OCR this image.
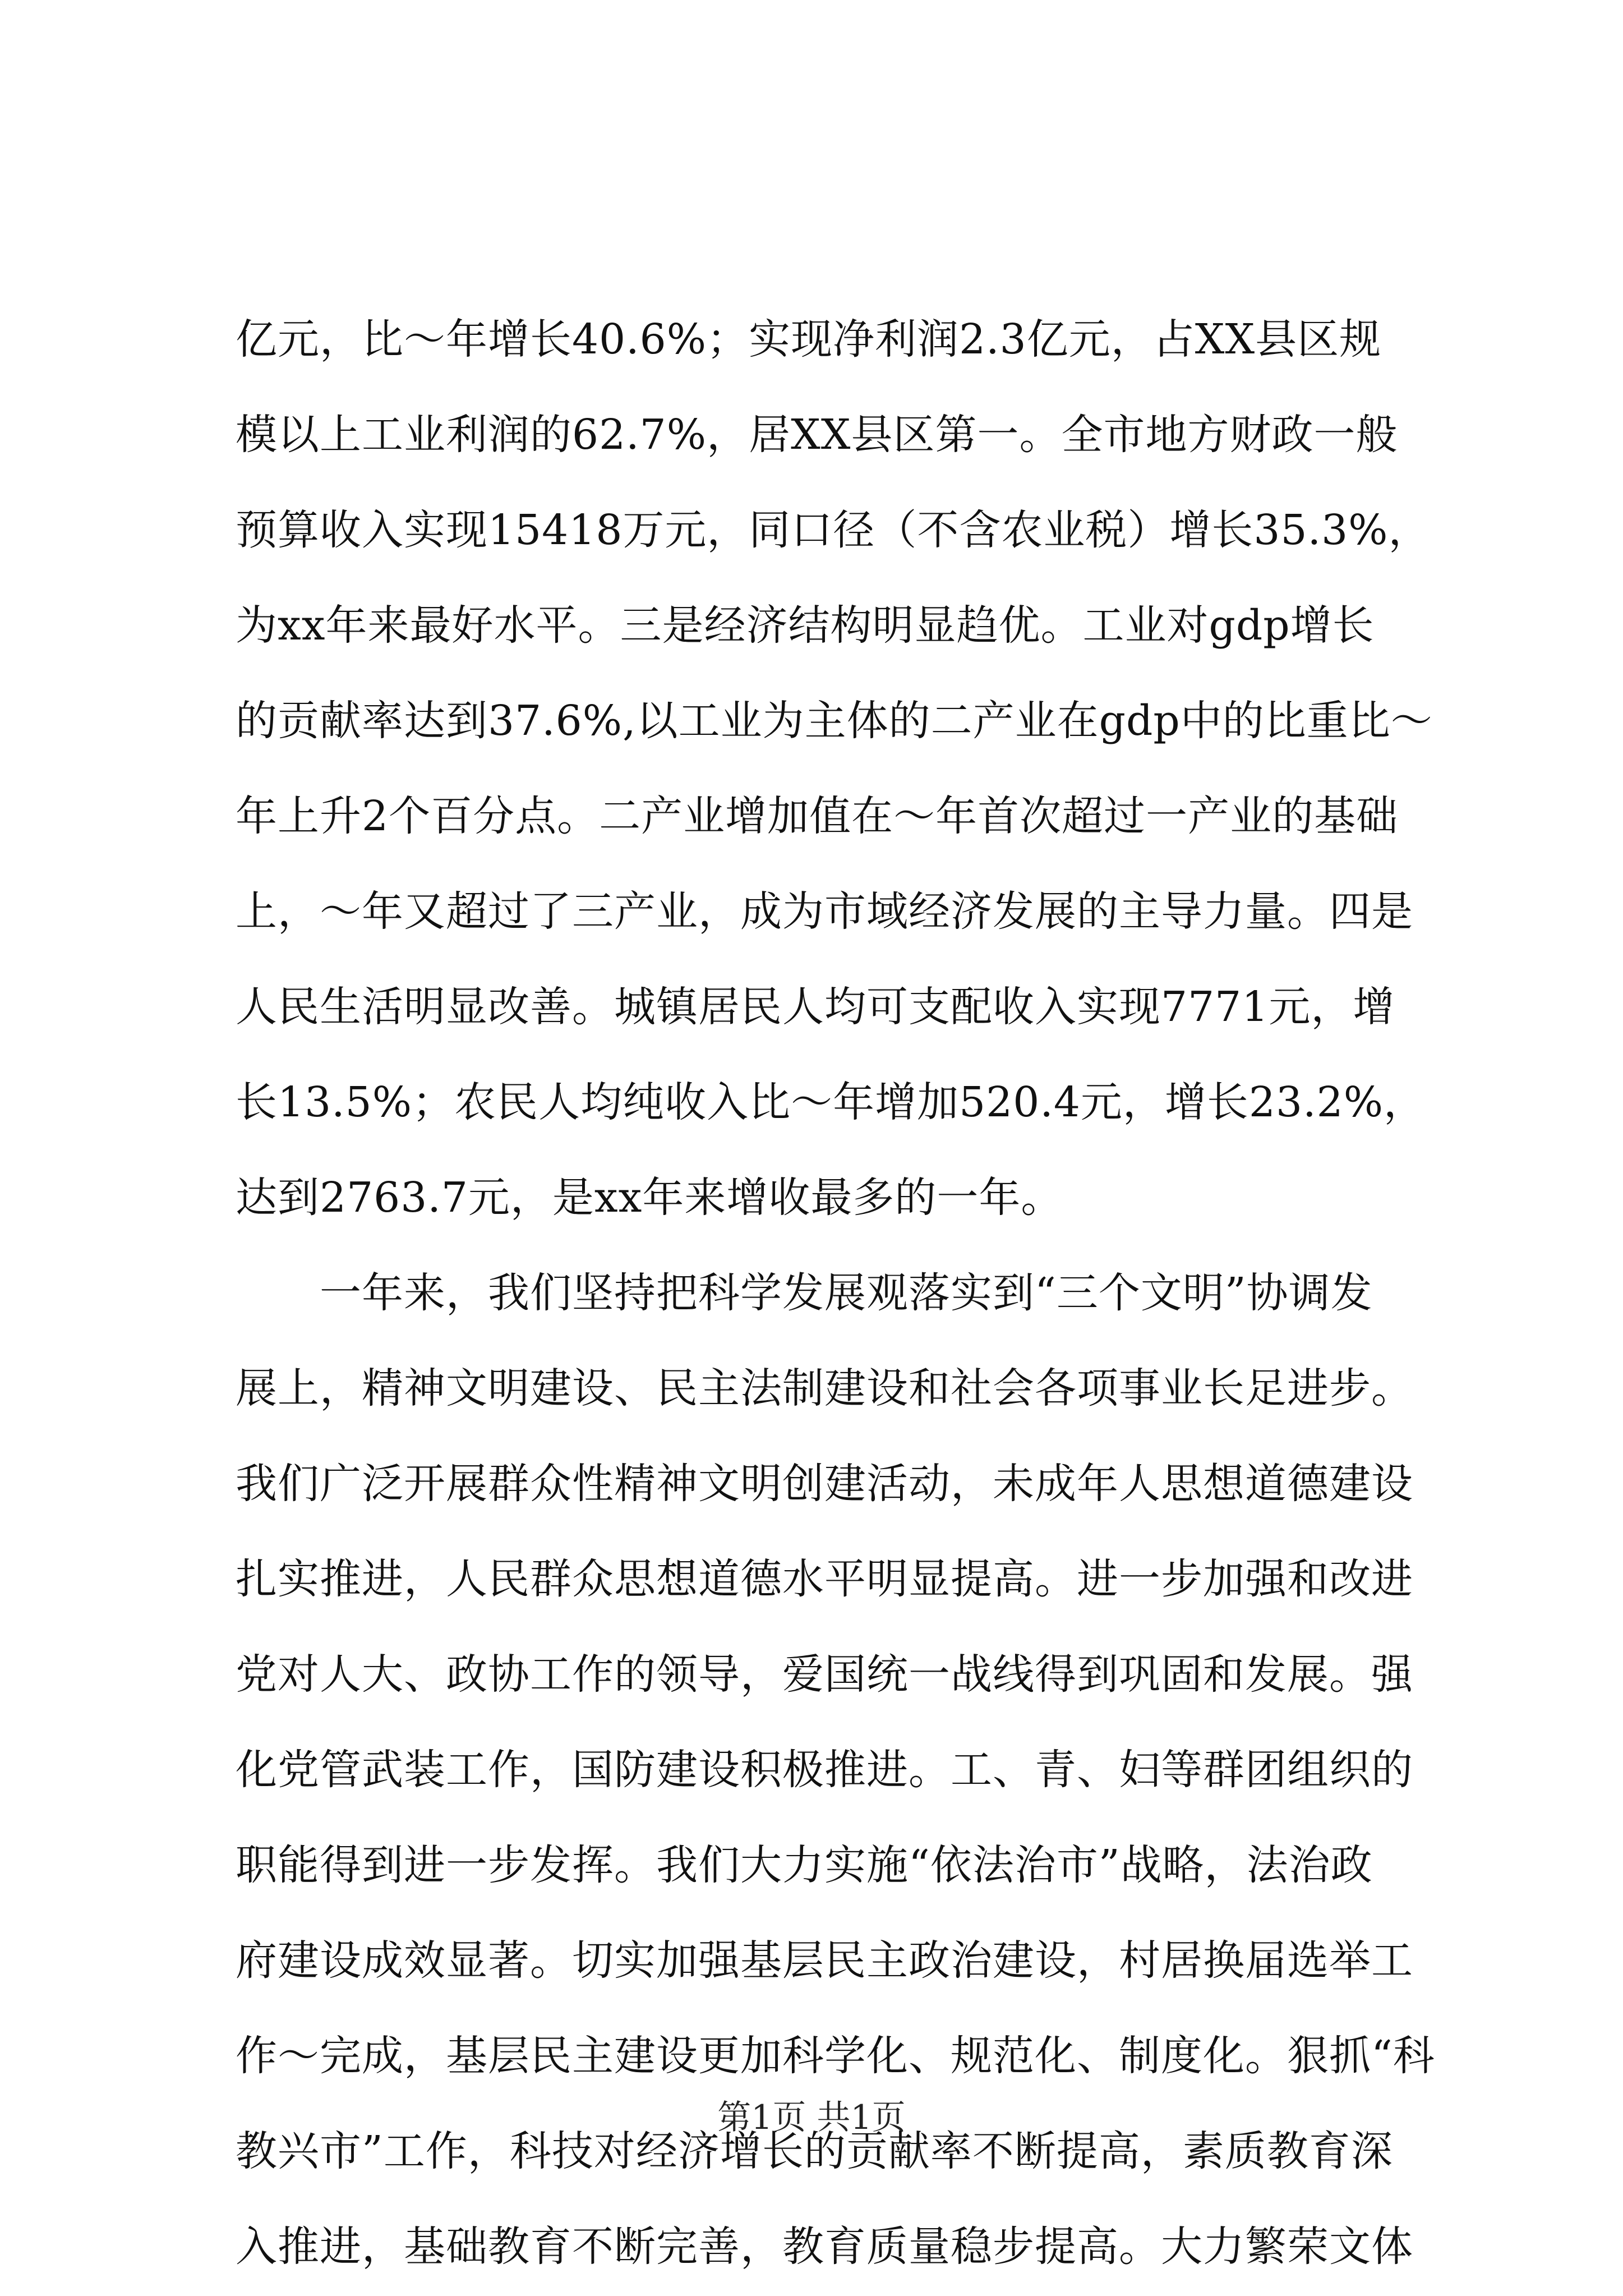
亿元，比～年增长40.6%；实现净利润2.3亿元，占XX县区规
模以上工业利润的62.7%，居XX县区第一。全市地方财政一般
预算收入实现15418万元，同口径（不含农业税）增长35.3%，
为xx年来最好水平。三是经济结构明显趋优。工业对gdp增长
的贡献率达到37.6%,以工业为主体的二产业在gdp中的比重比～
年上升2个百分点。二产业增加值在～年首次超过一产业的基础
上，～年又超过了三产业，成为市域经济发展的主导力量。四是
人民生活明显改善。城镇居民人均可支配收入实现7771元，增
长13.5%；农民人均纯收入比～年增加520.4元，增长23.2%，
达到2763.7元，是xx年来增收最多的一年。
　　一年来，我们坚持把科学发展观落实到“三个文明”协调发
展上，精神文明建设、民主法制建设和社会各项事业长足进步。
我们广泛开展群众性精神文明创建活动，未成年人思想道德建设
扎实推进，人民群众思想道德水平明显提高。进一步加强和改进
党对人大、政协工作的领导，爱国统一战线得到巩固和发展。强
化党管武装工作，国防建设积极推进。工、青、妇等群团组织的
职能得到进一步发挥。我们大力实施“依法治市”战略，法治政
府建设成效显著。切实加强基层民主政治建设，村居换届选举工
作～完成，基层民主建设更加科学化、规范化、制度化。狠抓“科
教兴市”工作，科技对经济增长的贡献率不断提高，素质教育深
入推进，基础教育不断完善，教育质量稳步提高。大力繁荣文体
第1页 共1页
